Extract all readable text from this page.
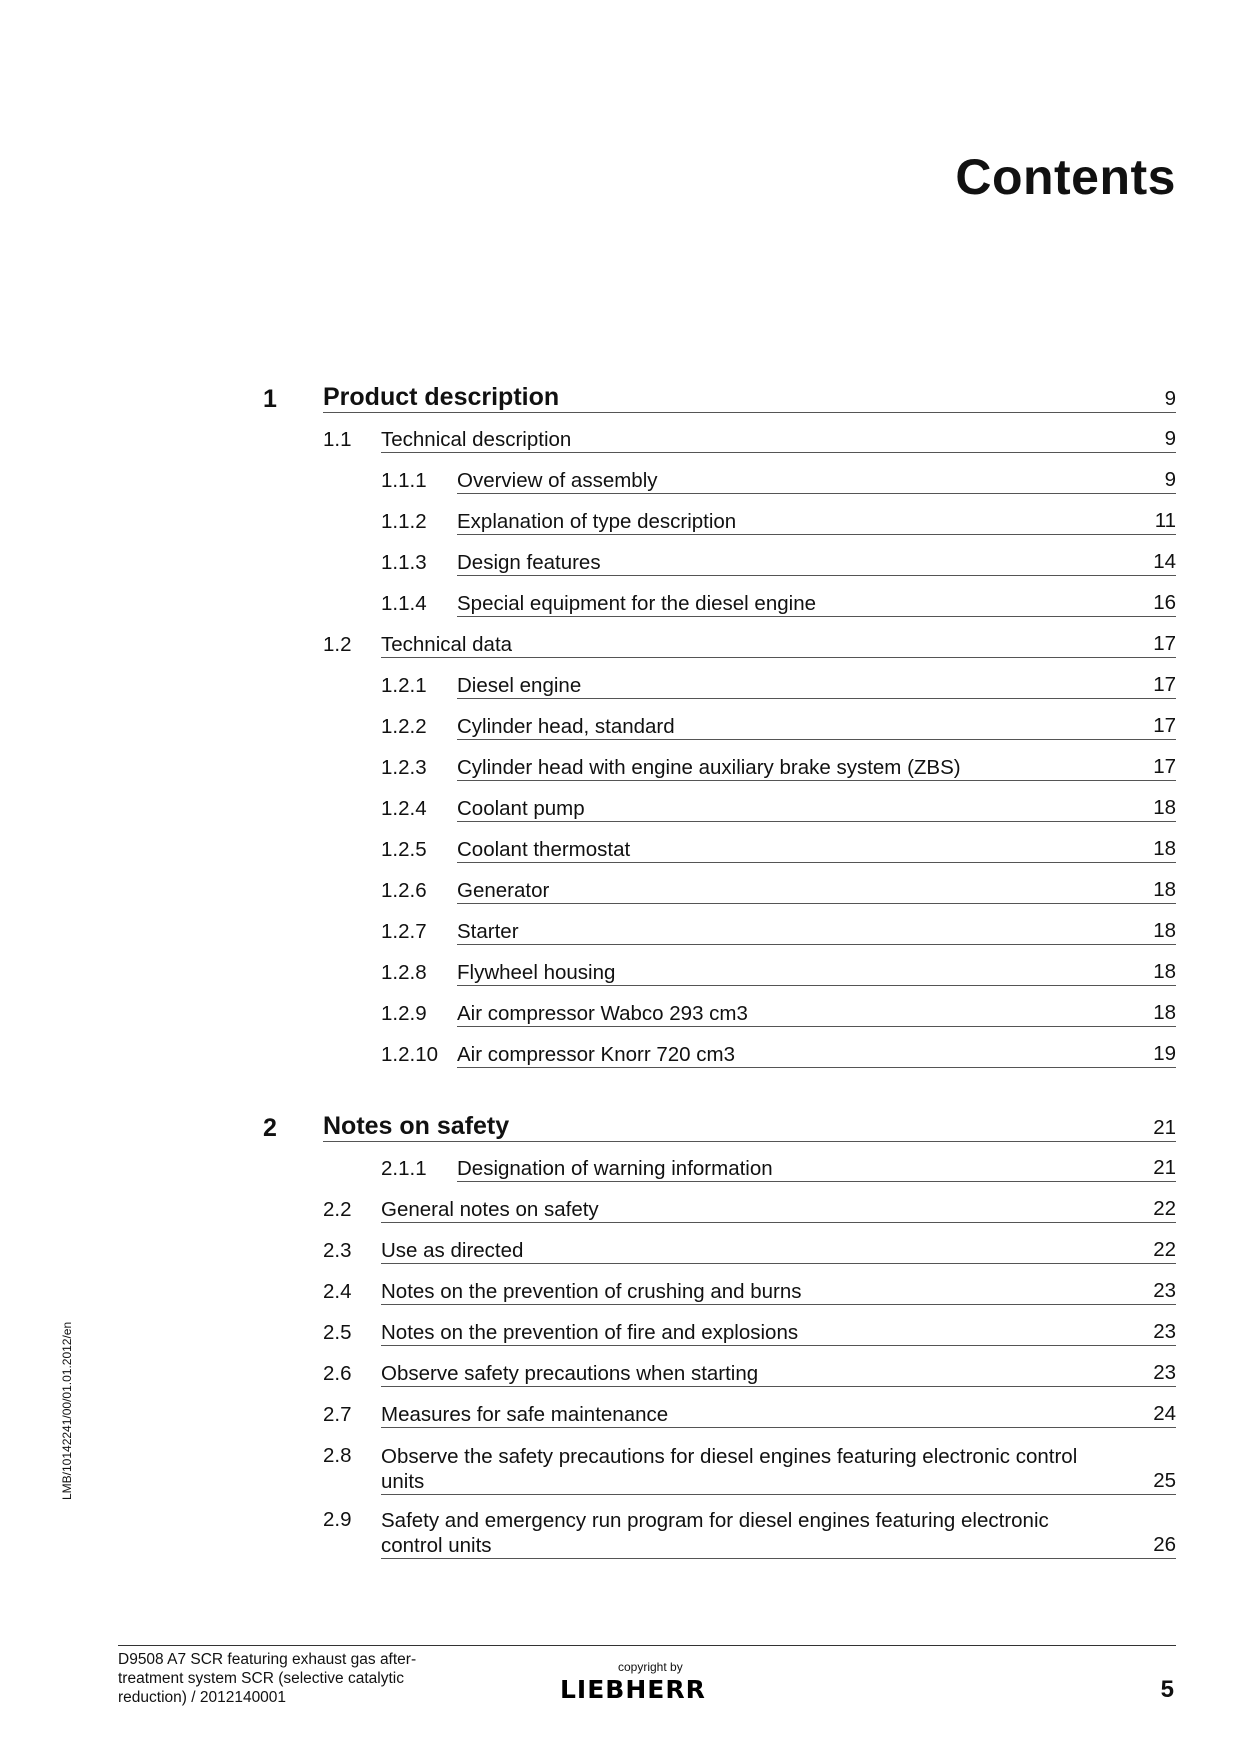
Contents
1 Product description	9
1.1 Technical description	9
1.1.1 Overview of assembly	9
1.1.2 Explanation of type description	11
1.1.3 Design features	14
1.1.4 Special equipment for the diesel engine	16
1.2 Technical data	17
1.2.1 Diesel engine	17
1.2.2 Cylinder head, standard	17
1.2.3 Cylinder head with engine auxiliary brake system (ZBS)	17
1.2.4 Coolant pump	18
1.2.5 Coolant thermostat	18
1.2.6 Generator	18
1.2.7 Starter	18
1.2.8 Flywheel housing	18
1.2.9 Air compressor Wabco 293 cm3	18
1.2.10 Air compressor Knorr 720 cm3	19
2 Notes on safety	21
2.1.1 Designation of warning information	21
2.2 General notes on safety	22
2.3 Use as directed	22
2.4 Notes on the prevention of crushing and burns	23
2.5 Notes on the prevention of fire and explosions	23
2.6 Observe safety precautions when starting	23
2.7 Measures for safe maintenance	24
2.8 Observe the safety precautions for diesel engines featuring electronic control units	25
2.9 Safety and emergency run program for diesel engines featuring electronic control units	26
LMB/10142241/00/01.01.2012/en
D9508 A7 SCR featuring exhaust gas after-
treatment system SCR (selective catalytic
reduction) / 2012140001
copyright by
LIEBHERR	5
